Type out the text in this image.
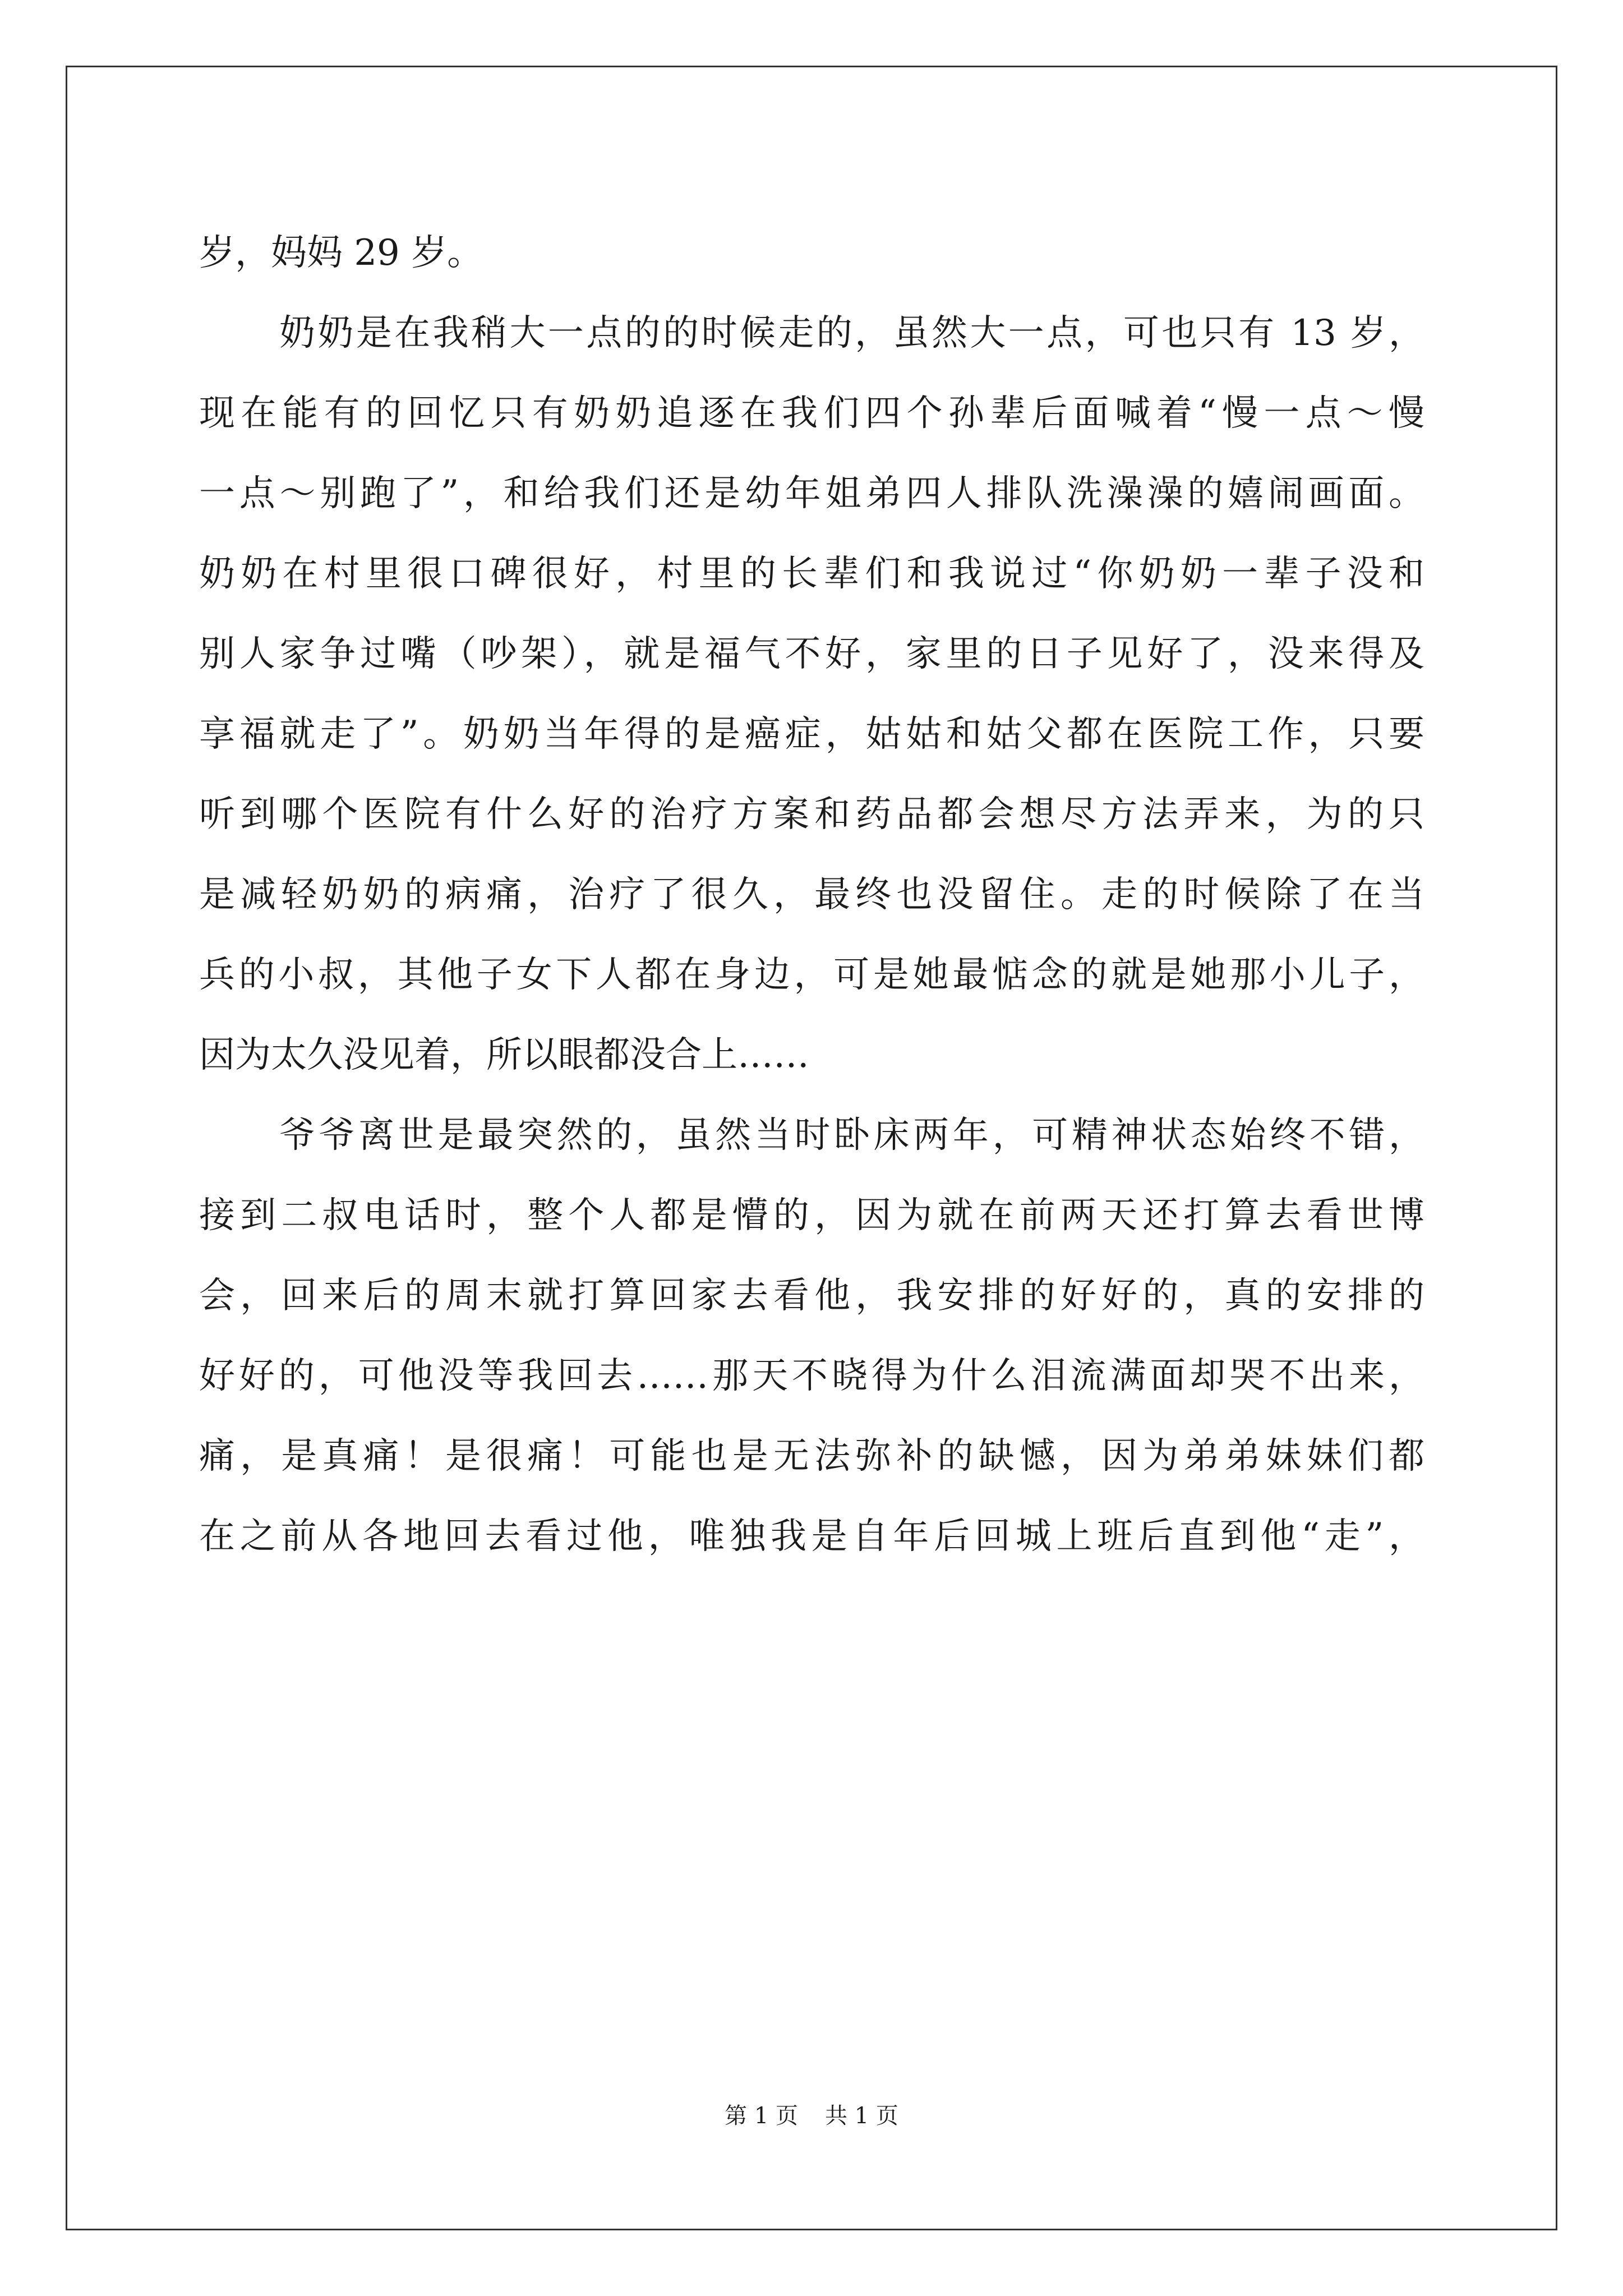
岁，妈妈 29 岁。
奶奶是在我稍大一点的的时候走的，虽然大一点，可也只有 13 岁，
现在能有的回忆只有奶奶追逐在我们四个孙辈后面喊着“慢一点～慢
一点～别跑了”，和给我们还是幼年姐弟四人排队洗澡澡的嬉闹画面。
奶奶在村里很口碑很好，村里的长辈们和我说过“你奶奶一辈子没和
别人家争过嘴（吵架），就是福气不好，家里的日子见好了，没来得及
享福就走了”。奶奶当年得的是癌症，姑姑和姑父都在医院工作，只要
听到哪个医院有什么好的治疗方案和药品都会想尽方法弄来，为的只
是减轻奶奶的病痛，治疗了很久，最终也没留住。走的时候除了在当
兵的小叔，其他子女下人都在身边，可是她最惦念的就是她那小儿子，
因为太久没见着，所以眼都没合上……
爷爷离世是最突然的，虽然当时卧床两年，可精神状态始终不错，
接到二叔电话时，整个人都是懵的，因为就在前两天还打算去看世博
会，回来后的周末就打算回家去看他，我安排的好好的，真的安排的
好好的，可他没等我回去……那天不晓得为什么泪流满面却哭不出来，
痛，是真痛！是很痛！可能也是无法弥补的缺憾，因为弟弟妹妹们都
在之前从各地回去看过他，唯独我是自年后回城上班后直到他“走”，
第 1 页 共 1 页
